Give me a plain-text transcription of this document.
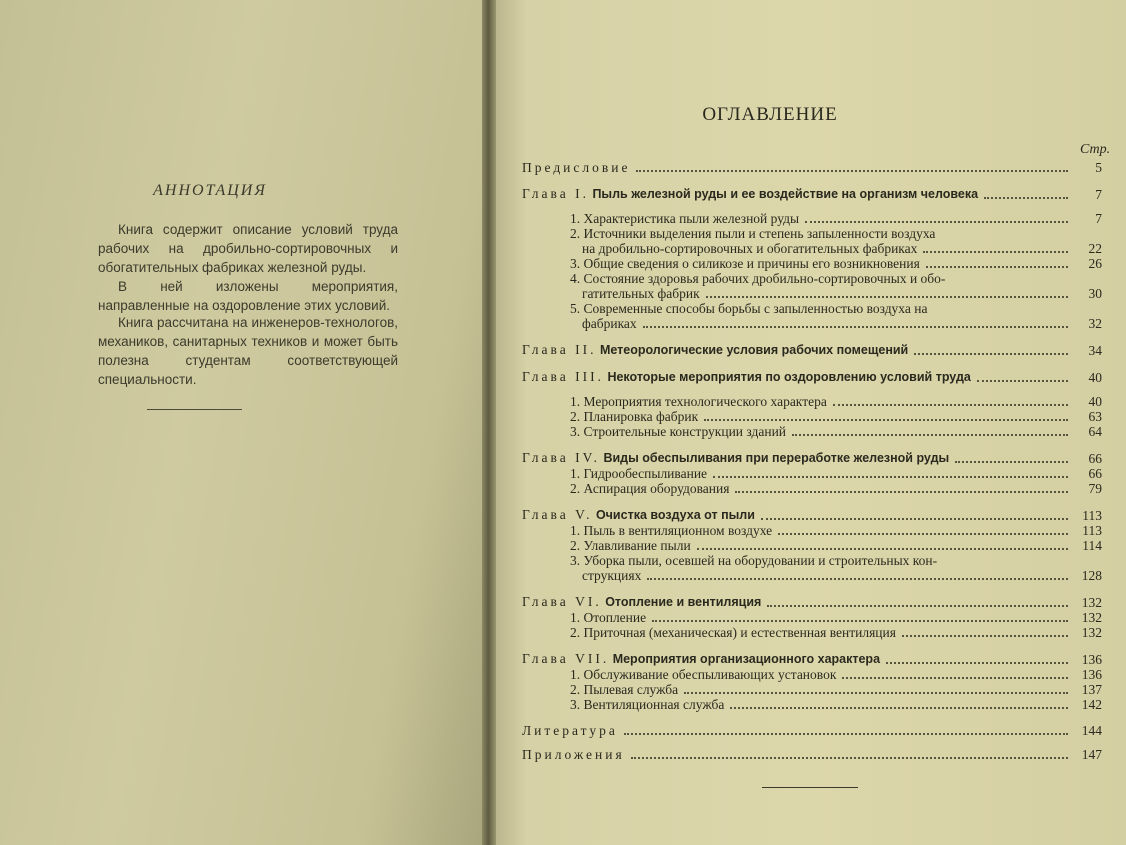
АННОТАЦИЯ

Книга содержит описание условий труда рабочих на дробильно-сортировочных и обогатительных фабриках железной руды.

В ней изложены мероприятия, направленные на оздоровление этих условий.

Книга рассчитана на инженеров-технологов, механиков, санитарных техников и может быть полезна студентам соответствующей специальности.

ОГЛАВЛЕНИЕ
Стр.
Предисловие	5
Глава I. Пыль железной руды и ее воздействие на организм человека	7
1. Характеристика пыли железной руды	7
2. Источники выделения пыли и степень запыленности воздуха
на дробильно-сортировочных и обогатительных фабриках	22
3. Общие сведения о силикозе и причины его возникновения	26
4. Состояние здоровья рабочих дробильно-сортировочных и обо-
гатительных фабрик	30
5. Современные способы борьбы с запыленностью воздуха на
фабриках	32
Глава II. Метеорологические условия рабочих помещений	34
Глава III. Некоторые мероприятия по оздоровлению условий труда	40
1. Мероприятия технологического характера	40
2. Планировка фабрик	63
3. Строительные конструкции зданий	64
Глава IV. Виды обеспыливания при переработке железной руды	66
1. Гидрообеспыливание	66
2. Аспирация оборудования	79
Глава V. Очистка воздуха от пыли	113
1. Пыль в вентиляционном воздухе	113
2. Улавливание пыли	114
3. Уборка пыли, осевшей на оборудовании и строительных кон-
струкциях	128
Глава VI. Отопление и вентиляция	132
1. Отопление	132
2. Приточная (механическая) и естественная вентиляция	132
Глава VII. Мероприятия организационного характера	136
1. Обслуживание обеспыливающих установок	136
2. Пылевая служба	137
3. Вентиляционная служба	142
Литература	144
Приложения	147
